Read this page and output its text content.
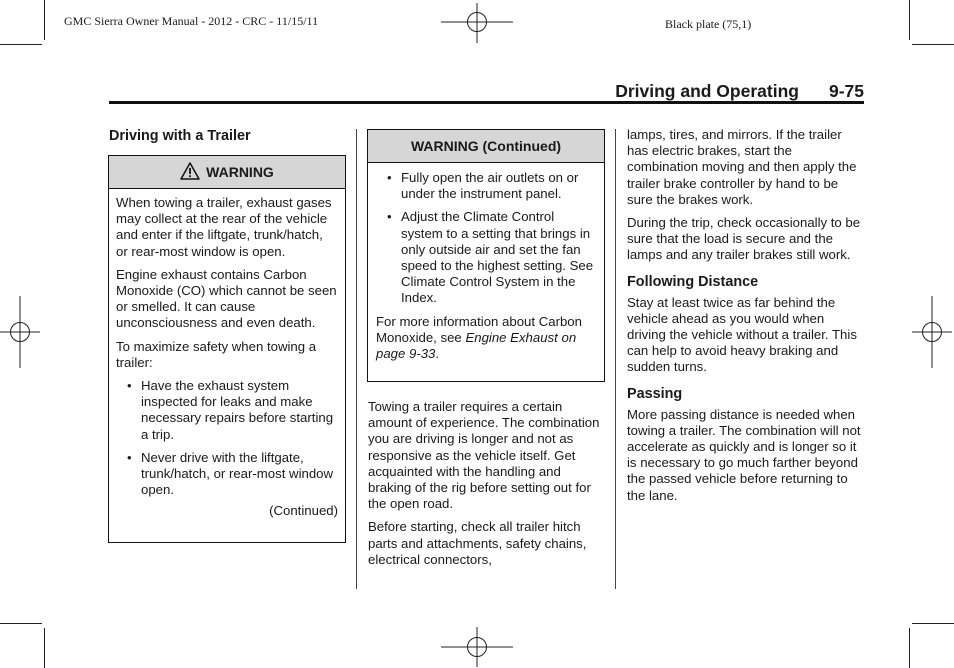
GMC Sierra Owner Manual - 2012 - CRC - 11/15/11	Black plate (75,1)
Driving and Operating 9-75
Driving with a Trailer
WARNING

When towing a trailer, exhaust gases may collect at the rear of the vehicle and enter if the liftgate, trunk/hatch, or rear-most window is open.

Engine exhaust contains Carbon Monoxide (CO) which cannot be seen or smelled. It can cause unconsciousness and even death.

To maximize safety when towing a trailer:

• Have the exhaust system inspected for leaks and make necessary repairs before starting a trip.
• Never drive with the liftgate, trunk/hatch, or rear-most window open.
(Continued)
WARNING (Continued)
• Fully open the air outlets on or under the instrument panel.
• Adjust the Climate Control system to a setting that brings in only outside air and set the fan speed to the highest setting. See Climate Control System in the Index.

For more information about Carbon Monoxide, see Engine Exhaust on page 9-33.

Towing a trailer requires a certain amount of experience. The combination you are driving is longer and not as responsive as the vehicle itself. Get acquainted with the handling and braking of the rig before setting out for the open road.

Before starting, check all trailer hitch parts and attachments, safety chains, electrical connectors,

lamps, tires, and mirrors. If the trailer has electric brakes, start the combination moving and then apply the trailer brake controller by hand to be sure the brakes work.

During the trip, check occasionally to be sure that the load is secure and the lamps and any trailer brakes still work.

Following Distance

Stay at least twice as far behind the vehicle ahead as you would when driving the vehicle without a trailer. This can help to avoid heavy braking and sudden turns.

Passing

More passing distance is needed when towing a trailer. The combination will not accelerate as quickly and is longer so it is necessary to go much farther beyond the passed vehicle before returning to the lane.
